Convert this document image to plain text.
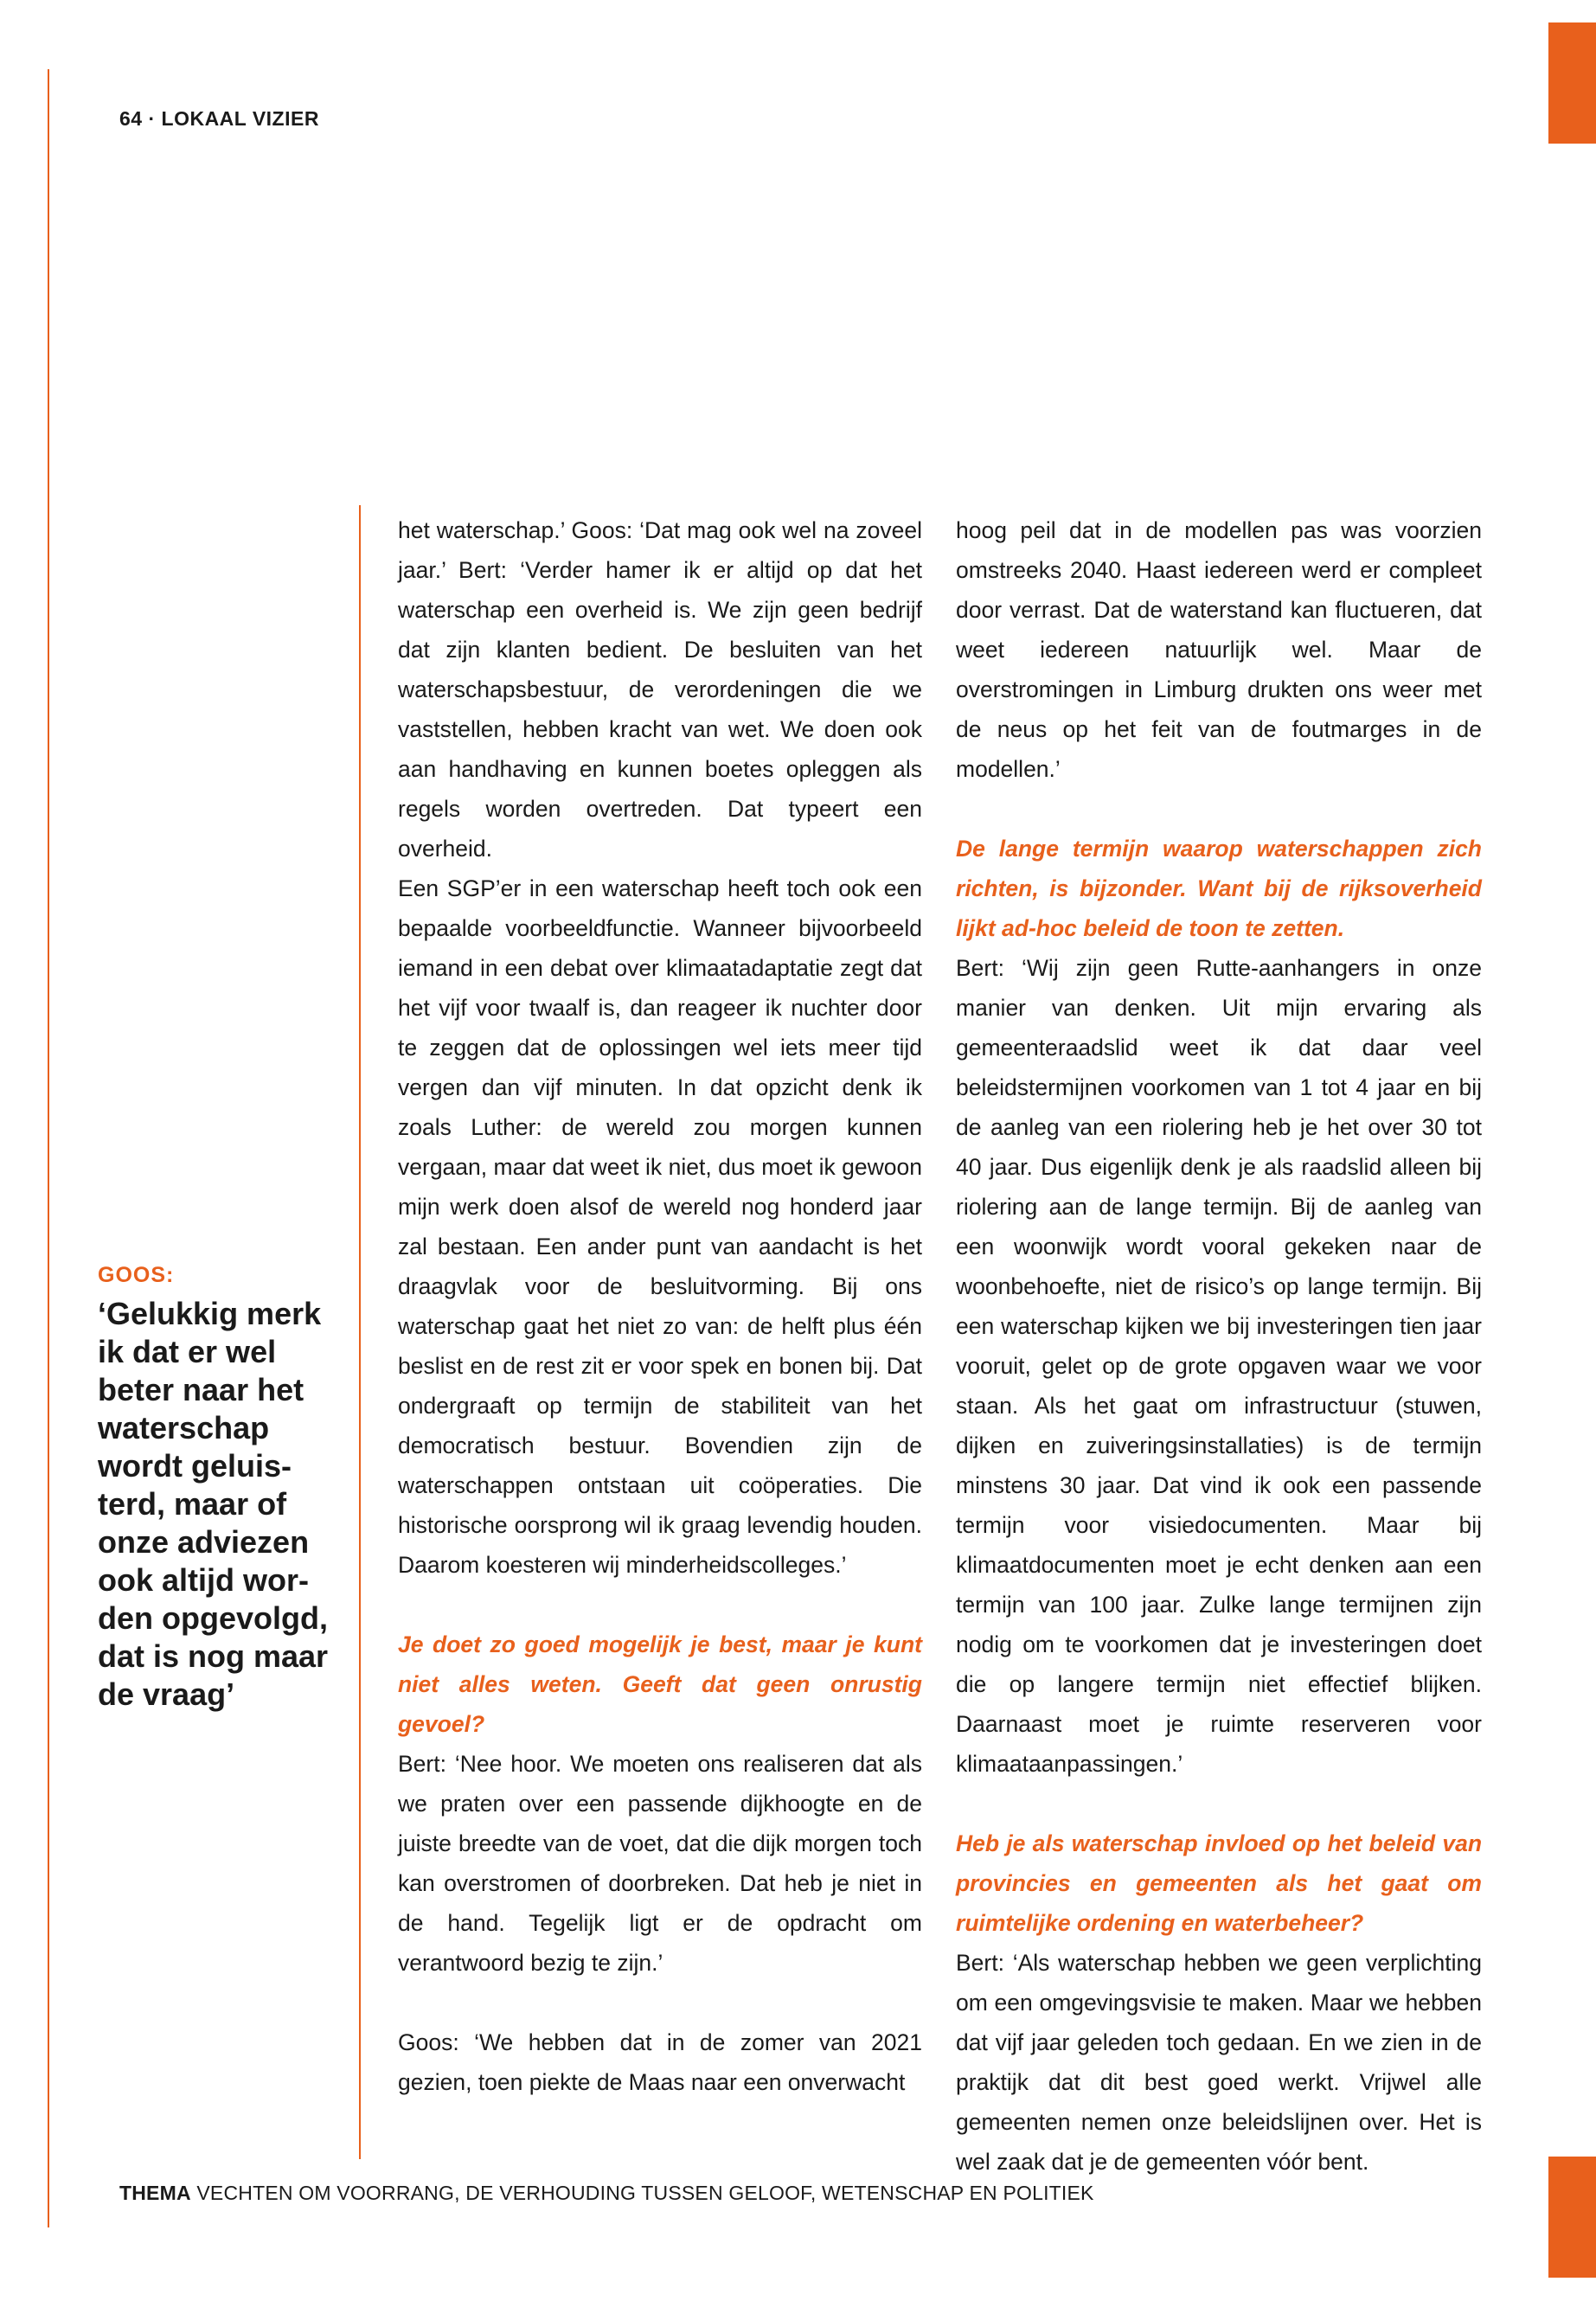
64 · LOKAAL VIZIER
GOOS:
‘Gelukkig merk ik dat er wel beter naar het waterschap wordt geluisterd, maar of onze adviezen ook altijd worden opgevolgd, dat is nog maar de vraag’

het waterschap.’ Goos: ‘Dat mag ook wel na zoveel jaar.’ Bert: ‘Verder hamer ik er altijd op dat het waterschap een overheid is. We zijn geen bedrijf dat zijn klanten bedient. De besluiten van het waterschapsbestuur, de verordeningen die we vaststellen, hebben kracht van wet. We doen ook aan handhaving en kunnen boetes opleggen als regels worden overtreden. Dat typeert een overheid.

Een SGP’er in een waterschap heeft toch ook een bepaalde voorbeeldfunctie. Wanneer bijvoorbeeld iemand in een debat over klimaatadaptatie zegt dat het vijf voor twaalf is, dan reageer ik nuchter door te zeggen dat de oplossingen wel iets meer tijd vergen dan vijf minuten. In dat opzicht denk ik zoals Luther: de wereld zou morgen kunnen vergaan, maar dat weet ik niet, dus moet ik gewoon mijn werk doen alsof de wereld nog honderd jaar zal bestaan. Een ander punt van aandacht is het draagvlak voor de besluitvorming. Bij ons waterschap gaat het niet zo van: de helft plus één beslist en de rest zit er voor spek en bonen bij. Dat ondergraaft op termijn de stabiliteit van het democratisch bestuur. Bovendien zijn de waterschappen ontstaan uit coöperaties. Die historische oorsprong wil ik graag levendig houden. Daarom koesteren wij minderheidscolleges.’

Je doet zo goed mogelijk je best, maar je kunt niet alles weten. Geeft dat geen onrustig gevoel?

Bert: ‘Nee hoor. We moeten ons realiseren dat als we praten over een passende dijkhoogte en de juiste breedte van de voet, dat die dijk morgen toch kan overstromen of doorbreken. Dat heb je niet in de hand. Tegelijk ligt er de opdracht om verantwoord bezig te zijn.’

Goos: ‘We hebben dat in de zomer van 2021 gezien, toen piekte de Maas naar een onverwacht

hoog peil dat in de modellen pas was voorzien omstreeks 2040. Haast iedereen werd er compleet door verrast. Dat de waterstand kan fluctueren, dat weet iedereen natuurlijk wel. Maar de overstromingen in Limburg drukten ons weer met de neus op het feit van de foutmarges in de modellen.’

De lange termijn waarop waterschappen zich richten, is bijzonder. Want bij de rijksoverheid lijkt ad-hoc beleid de toon te zetten.

Bert: ‘Wij zijn geen Rutte-aanhangers in onze manier van denken. Uit mijn ervaring als gemeenteraadslid weet ik dat daar veel beleidstermijnen voorkomen van 1 tot 4 jaar en bij de aanleg van een riolering heb je het over 30 tot 40 jaar. Dus eigenlijk denk je als raadslid alleen bij riolering aan de lange termijn. Bij de aanleg van een woonwijk wordt vooral gekeken naar de woonbehoefte, niet de risico’s op lange termijn. Bij een waterschap kijken we bij investeringen tien jaar vooruit, gelet op de grote opgaven waar we voor staan. Als het gaat om infrastructuur (stuwen, dijken en zuiveringsinstallaties) is de termijn minstens 30 jaar. Dat vind ik ook een passende termijn voor visiedocumenten. Maar bij klimaatdocumenten moet je echt denken aan een termijn van 100 jaar. Zulke lange termijnen zijn nodig om te voorkomen dat je investeringen doet die op langere termijn niet effectief blijken. Daarnaast moet je ruimte reserveren voor klimaataanpassingen.’

Heb je als waterschap invloed op het beleid van provincies en gemeenten als het gaat om ruimtelijke ordening en waterbeheer?

Bert: ‘Als waterschap hebben we geen verplichting om een omgevingsvisie te maken. Maar we hebben dat vijf jaar geleden toch gedaan. En we zien in de praktijk dat dit best goed werkt. Vrijwel alle gemeenten nemen onze beleidslijnen over. Het is wel zaak dat je de gemeenten vóór bent.

THEMA VECHTEN OM VOORRANG, DE VERHOUDING TUSSEN GELOOF, WETENSCHAP EN POLITIEK
